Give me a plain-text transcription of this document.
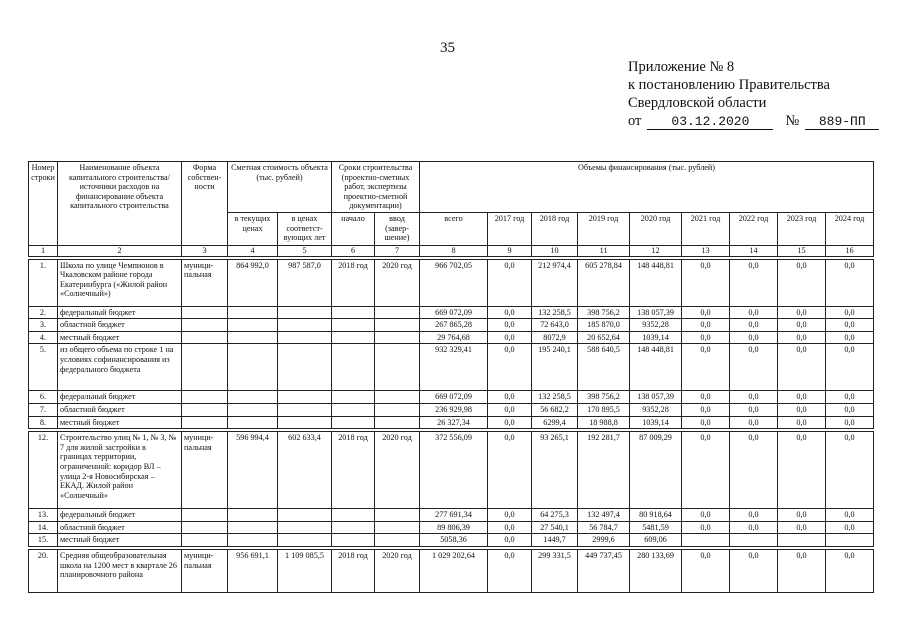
35
Приложение № 8
к постановлению Правительства
Свердловской области
от 03.12.2020 № 889-ПП
Номер строки	Наименование объекта капитального строительства/источники расходов на финансирование объекта капитального строительства	Форма собствен-ности	Сметная стоимость объекта (тыс. рублей)		Сроки строительства (проектно-сметных работ, экспертизы проектно-сметной документации)		Объемы финансирования (тыс. рублей)								
			в текущих ценах	в ценах соответст-вующих лет	начало	ввод (завер-шение)	всего	2017 год	2018 год	2019 год	2020 год	2021 год	2022 год	2023 год	2024 год
1	2	3	4	5	6	7	8	9	10	11	12	13	14	15	16

1.	Школа по улице Чемпионов в Чкаловском районе города Екатеринбурга («Жилой район «Солнечный»)	муници-пальная	864 992,0	987 587,0	2018 год	2020 год	966 702,05	0,0	212 974,4	605 278,84	148 448,81	0,0	0,0	0,0	0,0
2.	федеральный бюджет						669 072,09	0,0	132 258,5	398 756,2	138 057,39	0,0	0,0	0,0	0,0
3.	областной бюджет						267 865,28	0,0	72 643,0	185 870,0	9352,28	0,0	0,0	0,0	0,0
4.	местный бюджет						29 764,68	0,0	8072,9	20 652,64	1039,14	0,0	0,0	0,0	0,0
5.	из общего объема по строке 1 на условиях софинансирования из федерального бюджета						932 329,41	0,0	195 240,1	588 640,5	148 448,81	0,0	0,0	0,0	0,0
6.	федеральный бюджет						669 072,09	0,0	132 258,5	398 756,2	138 057,39	0,0	0,0	0,0	0,0
7.	областной бюджет						236 929,98	0,0	56 682,2	170 895,5	9352,28	0,0	0,0	0,0	0,0
8.	местный бюджет						26 327,34	0,0	6299,4	18 988,8	1039,14	0,0	0,0	0,0	0,0

12.	Строительство улиц № 1, № 3, № 7 для жилой застройки в границах территории, ограниченной: коридор ВЛ – улица 2-я Новосибирская – ЕКАД. Жилой район «Солнечный»	муници-пальная	596 994,4	602 633,4	2018 год	2020 год	372 556,09	0,0	93 265,1	192 281,7	87 009,29	0,0	0,0	0,0	0,0
13.	федеральный бюджет						277 691,34	0,0	64 275,3	132 497,4	80 918,64	0,0	0,0	0,0	0,0
14.	областной бюджет						89 806,39	0,0	27 540,1	56 784,7	5481,59	0,0	0,0	0,0	0,0
15.	местный бюджет						5058,36	0,0	1449,7	2999,6	609,06				

20.	Средняя общеобразовательная школа на 1200 мест в квартале 26 планировочного района	муници-пальная	956 691,1	1 109 085,5	2018 год	2020 год	1 029 202,64	0,0	299 331,5	449 737,45	280 133,69	0,0	0,0	0,0	0,0
